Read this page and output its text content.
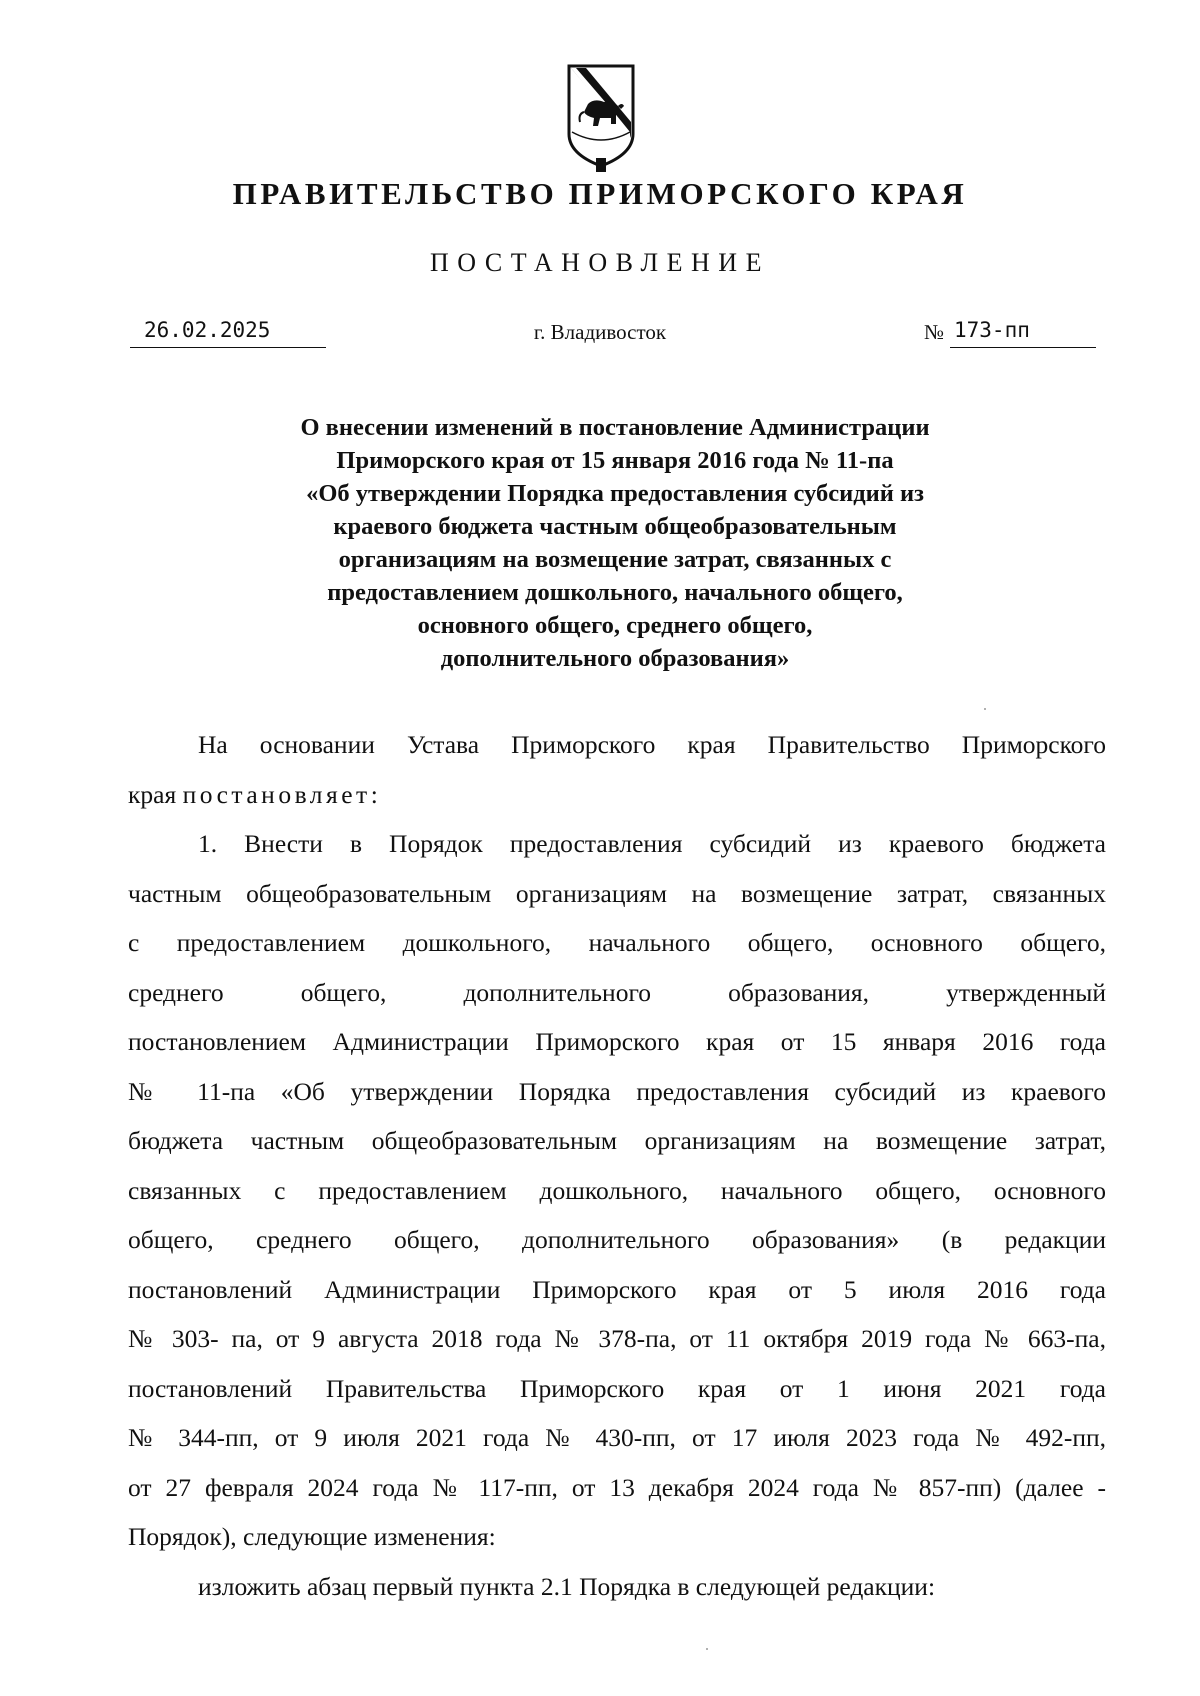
ПРАВИТЕЛЬСТВО ПРИМОРСКОГО КРАЯ
ПОСТАНОВЛЕНИЕ
26.02.2025	г. Владивосток	№ 173-пп
О внесении изменений в постановление Администрации
Приморского края от 15 января 2016 года № 11-па
«Об утверждении Порядка предоставления субсидий из
краевого бюджета частным общеобразовательным
организациям на возмещение затрат, связанных с
предоставлением дошкольного, начального общего,
основного общего, среднего общего,
дополнительного образования»
На основании Устава Приморского края Правительство Приморского
края постановляет:
1. Внести в Порядок предоставления субсидий из краевого бюджета
частным общеобразовательным организациям на возмещение затрат, связанных
с предоставлением дошкольного, начального общего, основного общего,
среднего общего, дополнительного образования, утвержденный
постановлением Администрации Приморского края от 15 января 2016 года
№ 11-па «Об утверждении Порядка предоставления субсидий из краевого
бюджета частным общеобразовательным организациям на возмещение затрат,
связанных с предоставлением дошкольного, начального общего, основного
общего, среднего общего, дополнительного образования» (в редакции
постановлений Администрации Приморского края от 5 июля 2016 года
№ 303- па, от 9 августа 2018 года № 378-па, от 11 октября 2019 года № 663-па,
постановлений Правительства Приморского края от 1 июня 2021 года
№ 344-пп, от 9 июля 2021 года № 430-пп, от 17 июля 2023 года № 492-пп,
от 27 февраля 2024 года № 117-пп, от 13 декабря 2024 года № 857-пп) (далее -
Порядок), следующие изменения:
изложить абзац первый пункта 2.1 Порядка в следующей редакции:
